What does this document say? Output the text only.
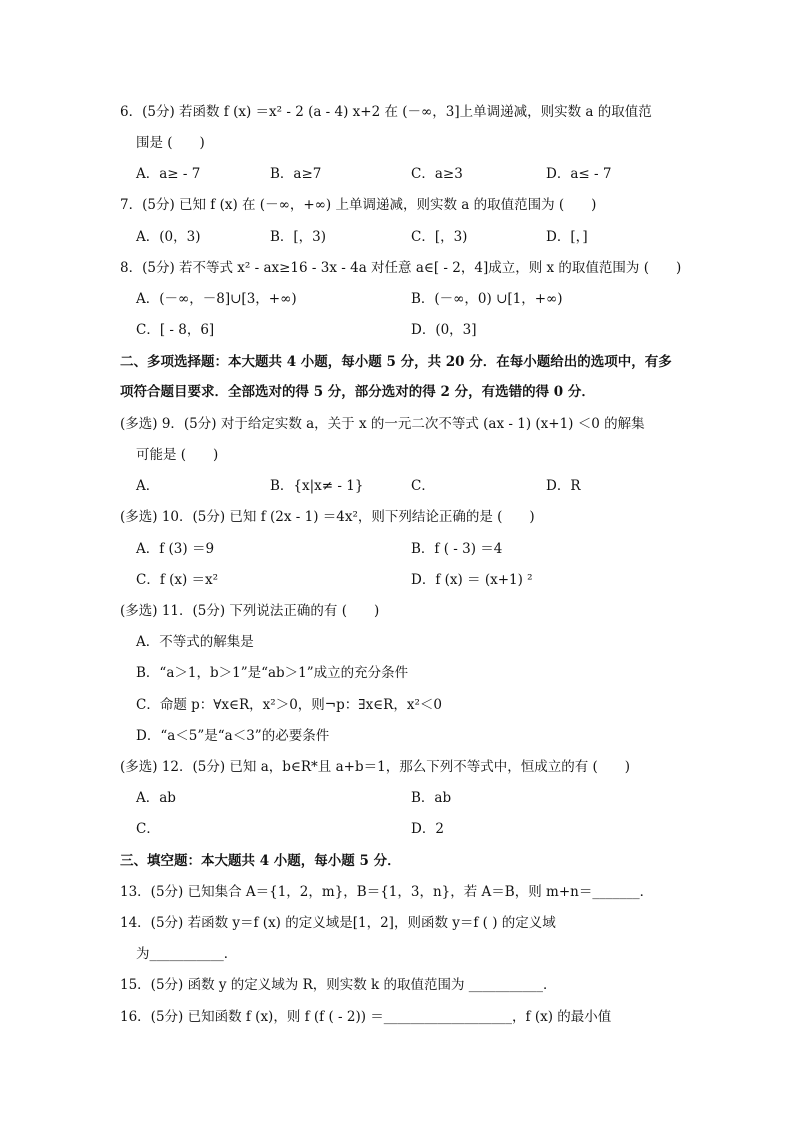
6．(5分) 若函数 f (x) ＝x² - 2 (a - 4) x+2 在 (－∞，3]上单调递减，则实数 a 的取值范
围是 (　　)
A．a≥ - 7	B．a≥7	C．a≥3	D．a≤ - 7
7．(5分) 已知 f (x) 在 (－∞，+∞) 上单调递减，则实数 a 的取值范围为 (　　)
A．(0，3)	B．[，3)	C．[，3)	D．[，]
8．(5分) 若不等式 x² - ax≥16 - 3x - 4a 对任意 a∈[ - 2，4]成立，则 x 的取值范围为 (　　)
A．(－∞，－8]∪[3，+∞)	B．(－∞，0) ∪[1，+∞)
C．[ - 8，6]	D．(0，3]
二、多项选择题：本大题共 4 小题，每小题 5 分，共 20 分．在每小题给出的选项中，有多
项符合题目要求．全部选对的得 5 分，部分选对的得 2 分，有选错的得 0 分．
(多选) 9．(5分) 对于给定实数 a，关于 x 的一元二次不等式 (ax - 1) (x+1) ＜0 的解集
可能是 (　　)
A．	B．{x|x≠ - 1}	C．	D．R
(多选) 10．(5分) 已知 f (2x - 1) ＝4x²，则下列结论正确的是 (　　)
A．f (3) ＝9	B．f ( - 3) ＝4
C．f (x) ＝x²	D．f (x) ＝ (x+1) ²
(多选) 11．(5分) 下列说法正确的有 (　　)
A．不等式的解集是
B．“a＞1，b＞1”是“ab＞1”成立的充分条件
C．命题 p：∀x∈R，x²＞0，则¬p：∃x∈R，x²＜0
D．“a＜5”是“a＜3”的必要条件
(多选) 12．(5分) 已知 a，b∈R*且 a+b＝1，那么下列不等式中，恒成立的有 (　　)
A．ab	B．ab
C．	D．2
三、填空题：本大题共 4 小题，每小题 5 分．
13．(5分) 已知集合 A＝{1，2，m}，B＝{1，3，n}，若 A＝B，则 m+n＝_______．
14．(5分) 若函数 y＝f (x) 的定义域是[1，2]，则函数 y＝f ( ) 的定义域
为___________．
15．(5分) 函数 y 的定义域为 R，则实数 k 的取值范围为 ___________．
16．(5分) 已知函数 f (x)，则 f (f ( - 2)) ＝___________________，f (x) 的最小值
